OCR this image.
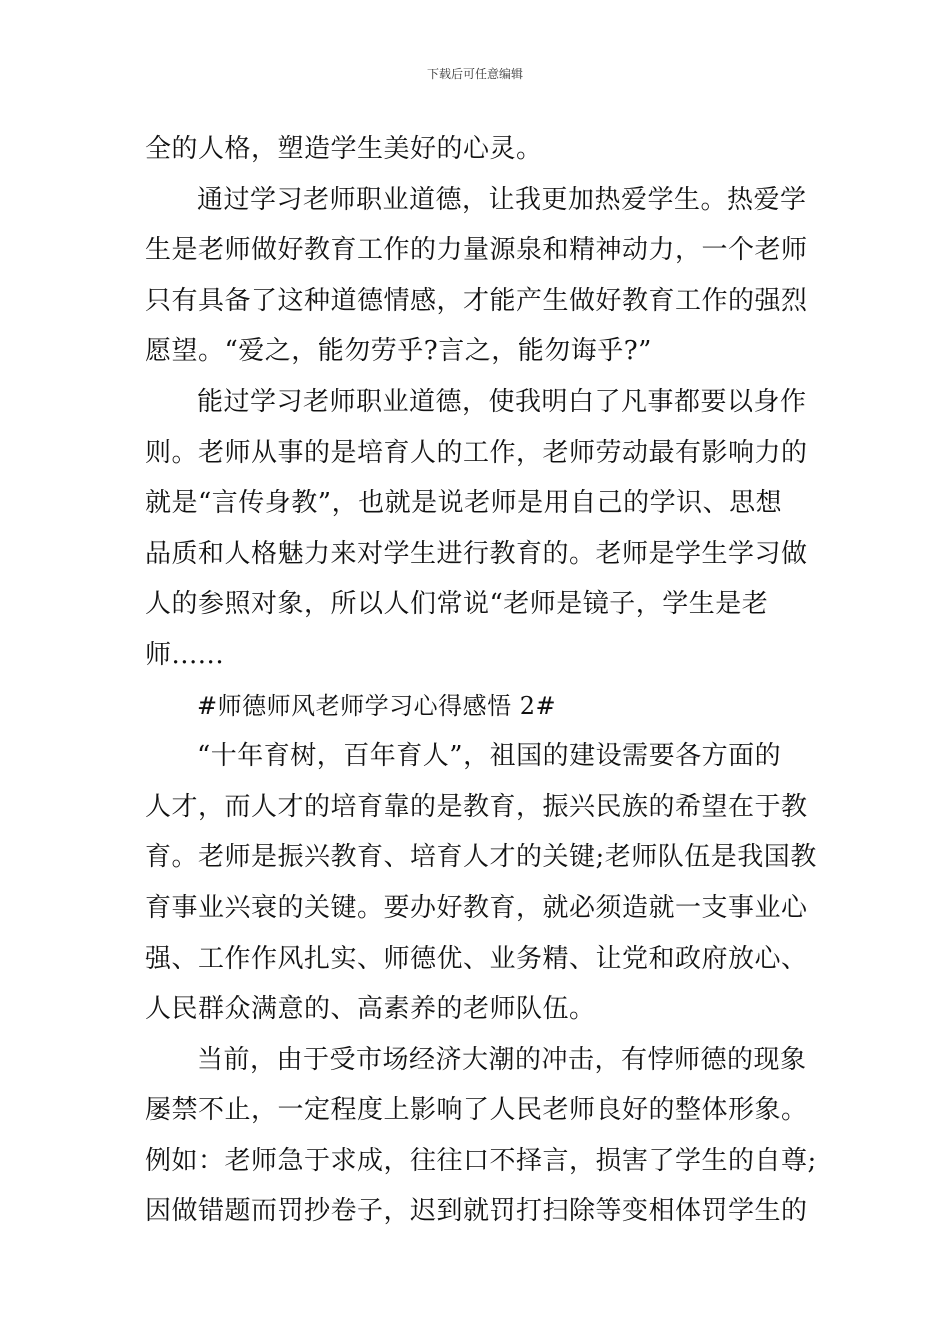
下载后可任意编辑
全的人格，塑造学生美好的心灵。
通过学习老师职业道德，让我更加热爱学生。热爱学
生是老师做好教育工作的力量源泉和精神动力，一个老师
只有具备了这种道德情感，才能产生做好教育工作的强烈
愿望。“爱之，能勿劳乎?言之，能勿诲乎?”
能过学习老师职业道德，使我明白了凡事都要以身作
则。老师从事的是培育人的工作，老师劳动最有影响力的
就是“言传身教”，也就是说老师是用自己的学识、思想
品质和人格魅力来对学生进行教育的。老师是学生学习做
人的参照对象，所以人们常说“老师是镜子，学生是老
师......
#师德师风老师学习心得感悟 2#
“十年育树，百年育人”，祖国的建设需要各方面的
人才，而人才的培育靠的是教育，振兴民族的希望在于教
育。老师是振兴教育、培育人才的关键;老师队伍是我国教
育事业兴衰的关键。要办好教育，就必须造就一支事业心
强、工作作风扎实、师德优、业务精、让党和政府放心、
人民群众满意的、高素养的老师队伍。
当前，由于受市场经济大潮的冲击，有悖师德的现象
屡禁不止，一定程度上影响了人民老师良好的整体形象。
例如：老师急于求成，往往口不择言，损害了学生的自尊;
因做错题而罚抄卷子，迟到就罚打扫除等变相体罚学生的
